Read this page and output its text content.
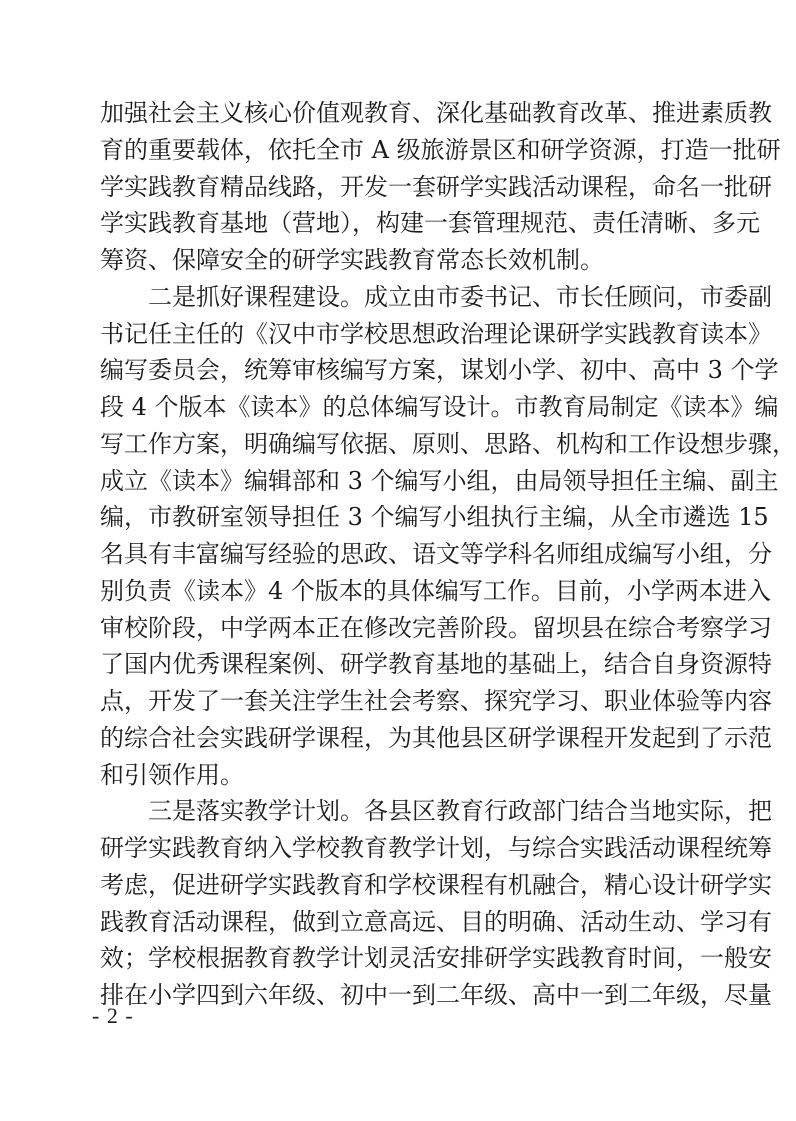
加强社会主义核心价值观教育、深化基础教育改革、推进素质教
育的重要载体，依托全市 A 级旅游景区和研学资源，打造一批研
学实践教育精品线路，开发一套研学实践活动课程，命名一批研
学实践教育基地（营地），构建一套管理规范、责任清晰、多元
筹资、保障安全的研学实践教育常态长效机制。
二是抓好课程建设。成立由市委书记、市长任顾问，市委副
书记任主任的《汉中市学校思想政治理论课研学实践教育读本》
编写委员会，统筹审核编写方案，谋划小学、初中、高中 3 个学
段 4 个版本《读本》的总体编写设计。市教育局制定《读本》编
写工作方案，明确编写依据、原则、思路、机构和工作设想步骤，
成立《读本》编辑部和 3 个编写小组，由局领导担任主编、副主
编，市教研室领导担任 3 个编写小组执行主编，从全市遴选 15
名具有丰富编写经验的思政、语文等学科名师组成编写小组，分
别负责《读本》4 个版本的具体编写工作。目前，小学两本进入
审校阶段，中学两本正在修改完善阶段。留坝县在综合考察学习
了国内优秀课程案例、研学教育基地的基础上，结合自身资源特
点，开发了一套关注学生社会考察、探究学习、职业体验等内容
的综合社会实践研学课程，为其他县区研学课程开发起到了示范
和引领作用。
三是落实教学计划。各县区教育行政部门结合当地实际，把
研学实践教育纳入学校教育教学计划，与综合实践活动课程统筹
考虑，促进研学实践教育和学校课程有机融合，精心设计研学实
践教育活动课程，做到立意高远、目的明确、活动生动、学习有
效；学校根据教育教学计划灵活安排研学实践教育时间，一般安
排在小学四到六年级、初中一到二年级、高中一到二年级，尽量
- 2 -
